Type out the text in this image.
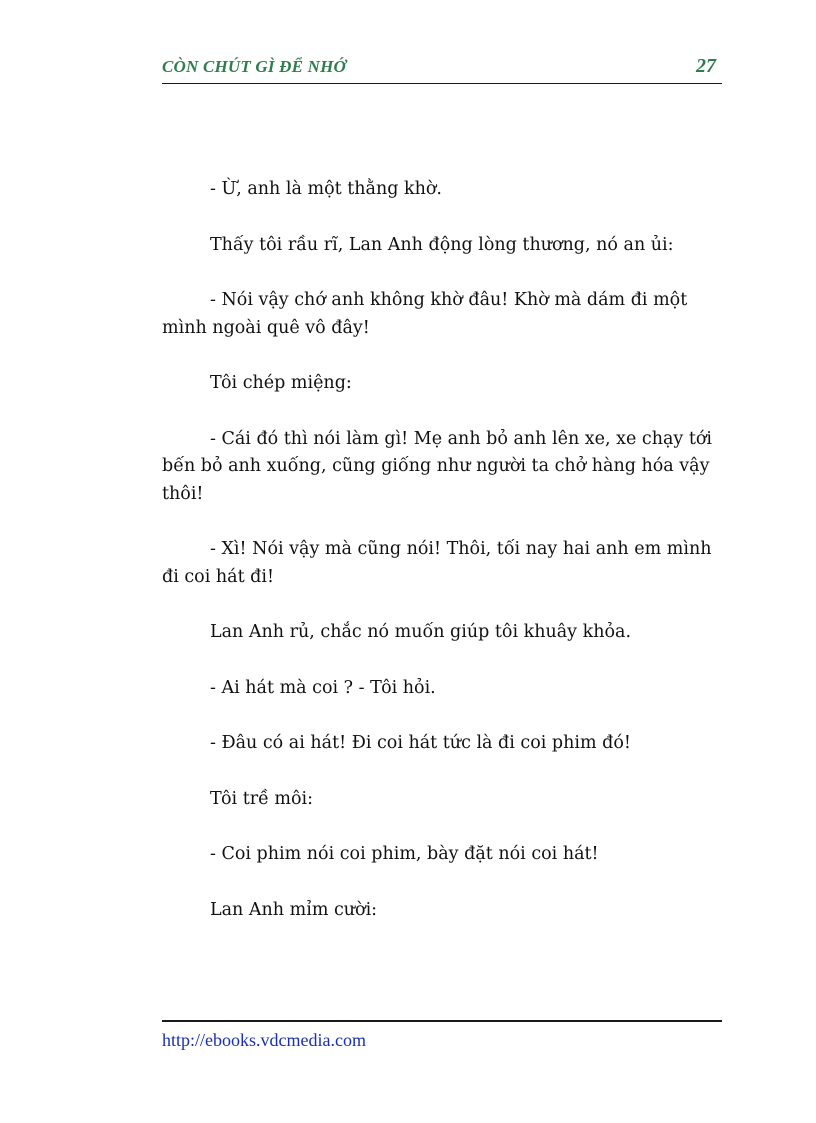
CÒN CHÚT GÌ ĐỂ NHỚ	27

- Ừ, anh là một thằng khờ.

Thấy tôi rầu rĩ, Lan Anh động lòng thương, nó an ủi:

- Nói vậy chớ anh không khờ đâu! Khờ mà dám đi một mình ngoài quê vô đây!

Tôi chép miệng:

- Cái đó thì nói làm gì! Mẹ anh bỏ anh lên xe, xe chạy tới bến bỏ anh xuống, cũng giống như người ta chở hàng hóa vậy thôi!

- Xì! Nói vậy mà cũng nói! Thôi, tối nay hai anh em mình đi coi hát đi!

Lan Anh rủ, chắc nó muốn giúp tôi khuây khỏa.

- Ai hát mà coi ? - Tôi hỏi.

- Đâu có ai hát! Đi coi hát tức là đi coi phim đó!

Tôi trề môi:

- Coi phim nói coi phim, bày đặt nói coi hát!

Lan Anh mỉm cười:

http://ebooks.vdcmedia.com
